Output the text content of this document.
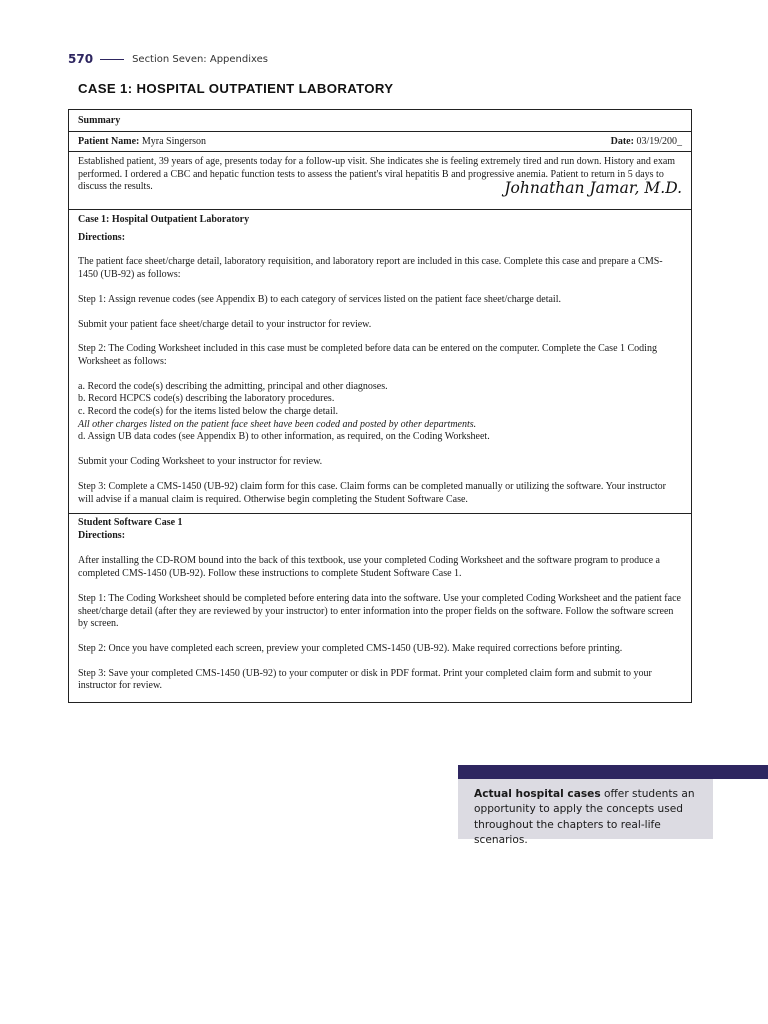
570	Section Seven: Appendixes
CASE 1: HOSPITAL OUTPATIENT LABORATORY
Summary
Patient Name: Myra Singerson	Date: 03/19/200_

Established patient, 39 years of age, presents today for a follow-up visit. She indicates she is feeling extremely tired and run down. History and exam performed. I ordered a CBC and hepatic function tests to assess the patient's viral hepatitis B and progressive anemia. Patient to return in 5 days to discuss the results.	Johnathan Jamar, M.D.

Case 1: Hospital Outpatient Laboratory

Directions:

The patient face sheet/charge detail, laboratory requisition, and laboratory report are included in this case. Complete this case and prepare a CMS-1450 (UB-92) as follows:

Step 1: Assign revenue codes (see Appendix B) to each category of services listed on the patient face sheet/charge detail.

Submit your patient face sheet/charge detail to your instructor for review.

Step 2: The Coding Worksheet included in this case must be completed before data can be entered on the computer. Complete the Case 1 Coding Worksheet as follows:

a. Record the code(s) describing the admitting, principal and other diagnoses.

b. Record HCPCS code(s) describing the laboratory procedures.

c. Record the code(s) for the items listed below the charge detail.

All other charges listed on the patient face sheet have been coded and posted by other departments.

d. Assign UB data codes (see Appendix B) to other information, as required, on the Coding Worksheet.

Submit your Coding Worksheet to your instructor for review.

Step 3: Complete a CMS-1450 (UB-92) claim form for this case. Claim forms can be completed manually or utilizing the software. Your instructor will advise if a manual claim is required. Otherwise begin completing the Student Software Case.

Student Software Case 1

Directions:

After installing the CD-ROM bound into the back of this textbook, use your completed Coding Worksheet and the software program to produce a completed CMS-1450 (UB-92). Follow these instructions to complete Student Software Case 1.

Step 1: The Coding Worksheet should be completed before entering data into the software. Use your completed Coding Worksheet and the patient face sheet/charge detail (after they are reviewed by your instructor) to enter information into the proper fields on the software. Follow the software screen by screen.

Step 2: Once you have completed each screen, preview your completed CMS-1450 (UB-92). Make required corrections before printing.

Step 3: Save your completed CMS-1450 (UB-92) to your computer or disk in PDF format. Print your completed claim form and submit to your instructor for review.

Actual hospital cases offer students an opportunity to apply the concepts used throughout the chapters to real-life scenarios.
